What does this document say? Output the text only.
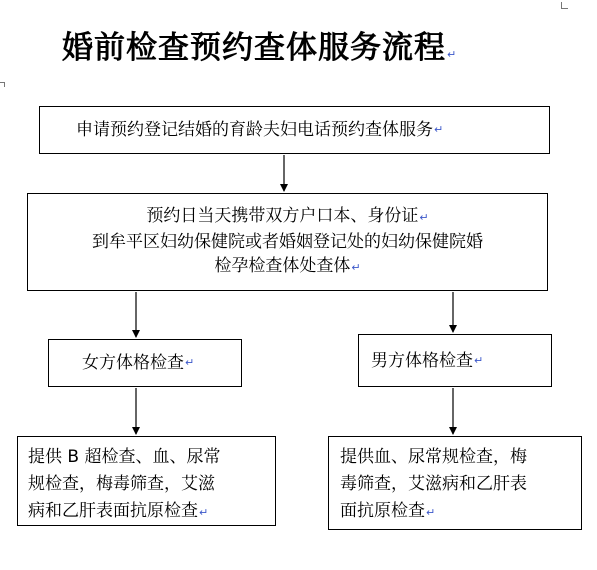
婚前检查预约查体服务流程↵
申请预约登记结婚的育龄夫妇电话预约查体服务 ↵
预约日当天携带双方户口本、身份证↵
到牟平区妇幼保健院或者婚姻登记处的妇幼保健院婚
检孕检查体处查体↵
女方体格检查 ↵	男方体格检查 ↵
提供 B 超检查、血、尿常
规检查，梅毒筛查，艾滋
病和乙肝表面抗原检查↵
提供血、尿常规检查，梅
毒筛查，艾滋病和乙肝表
面抗原检查↵
